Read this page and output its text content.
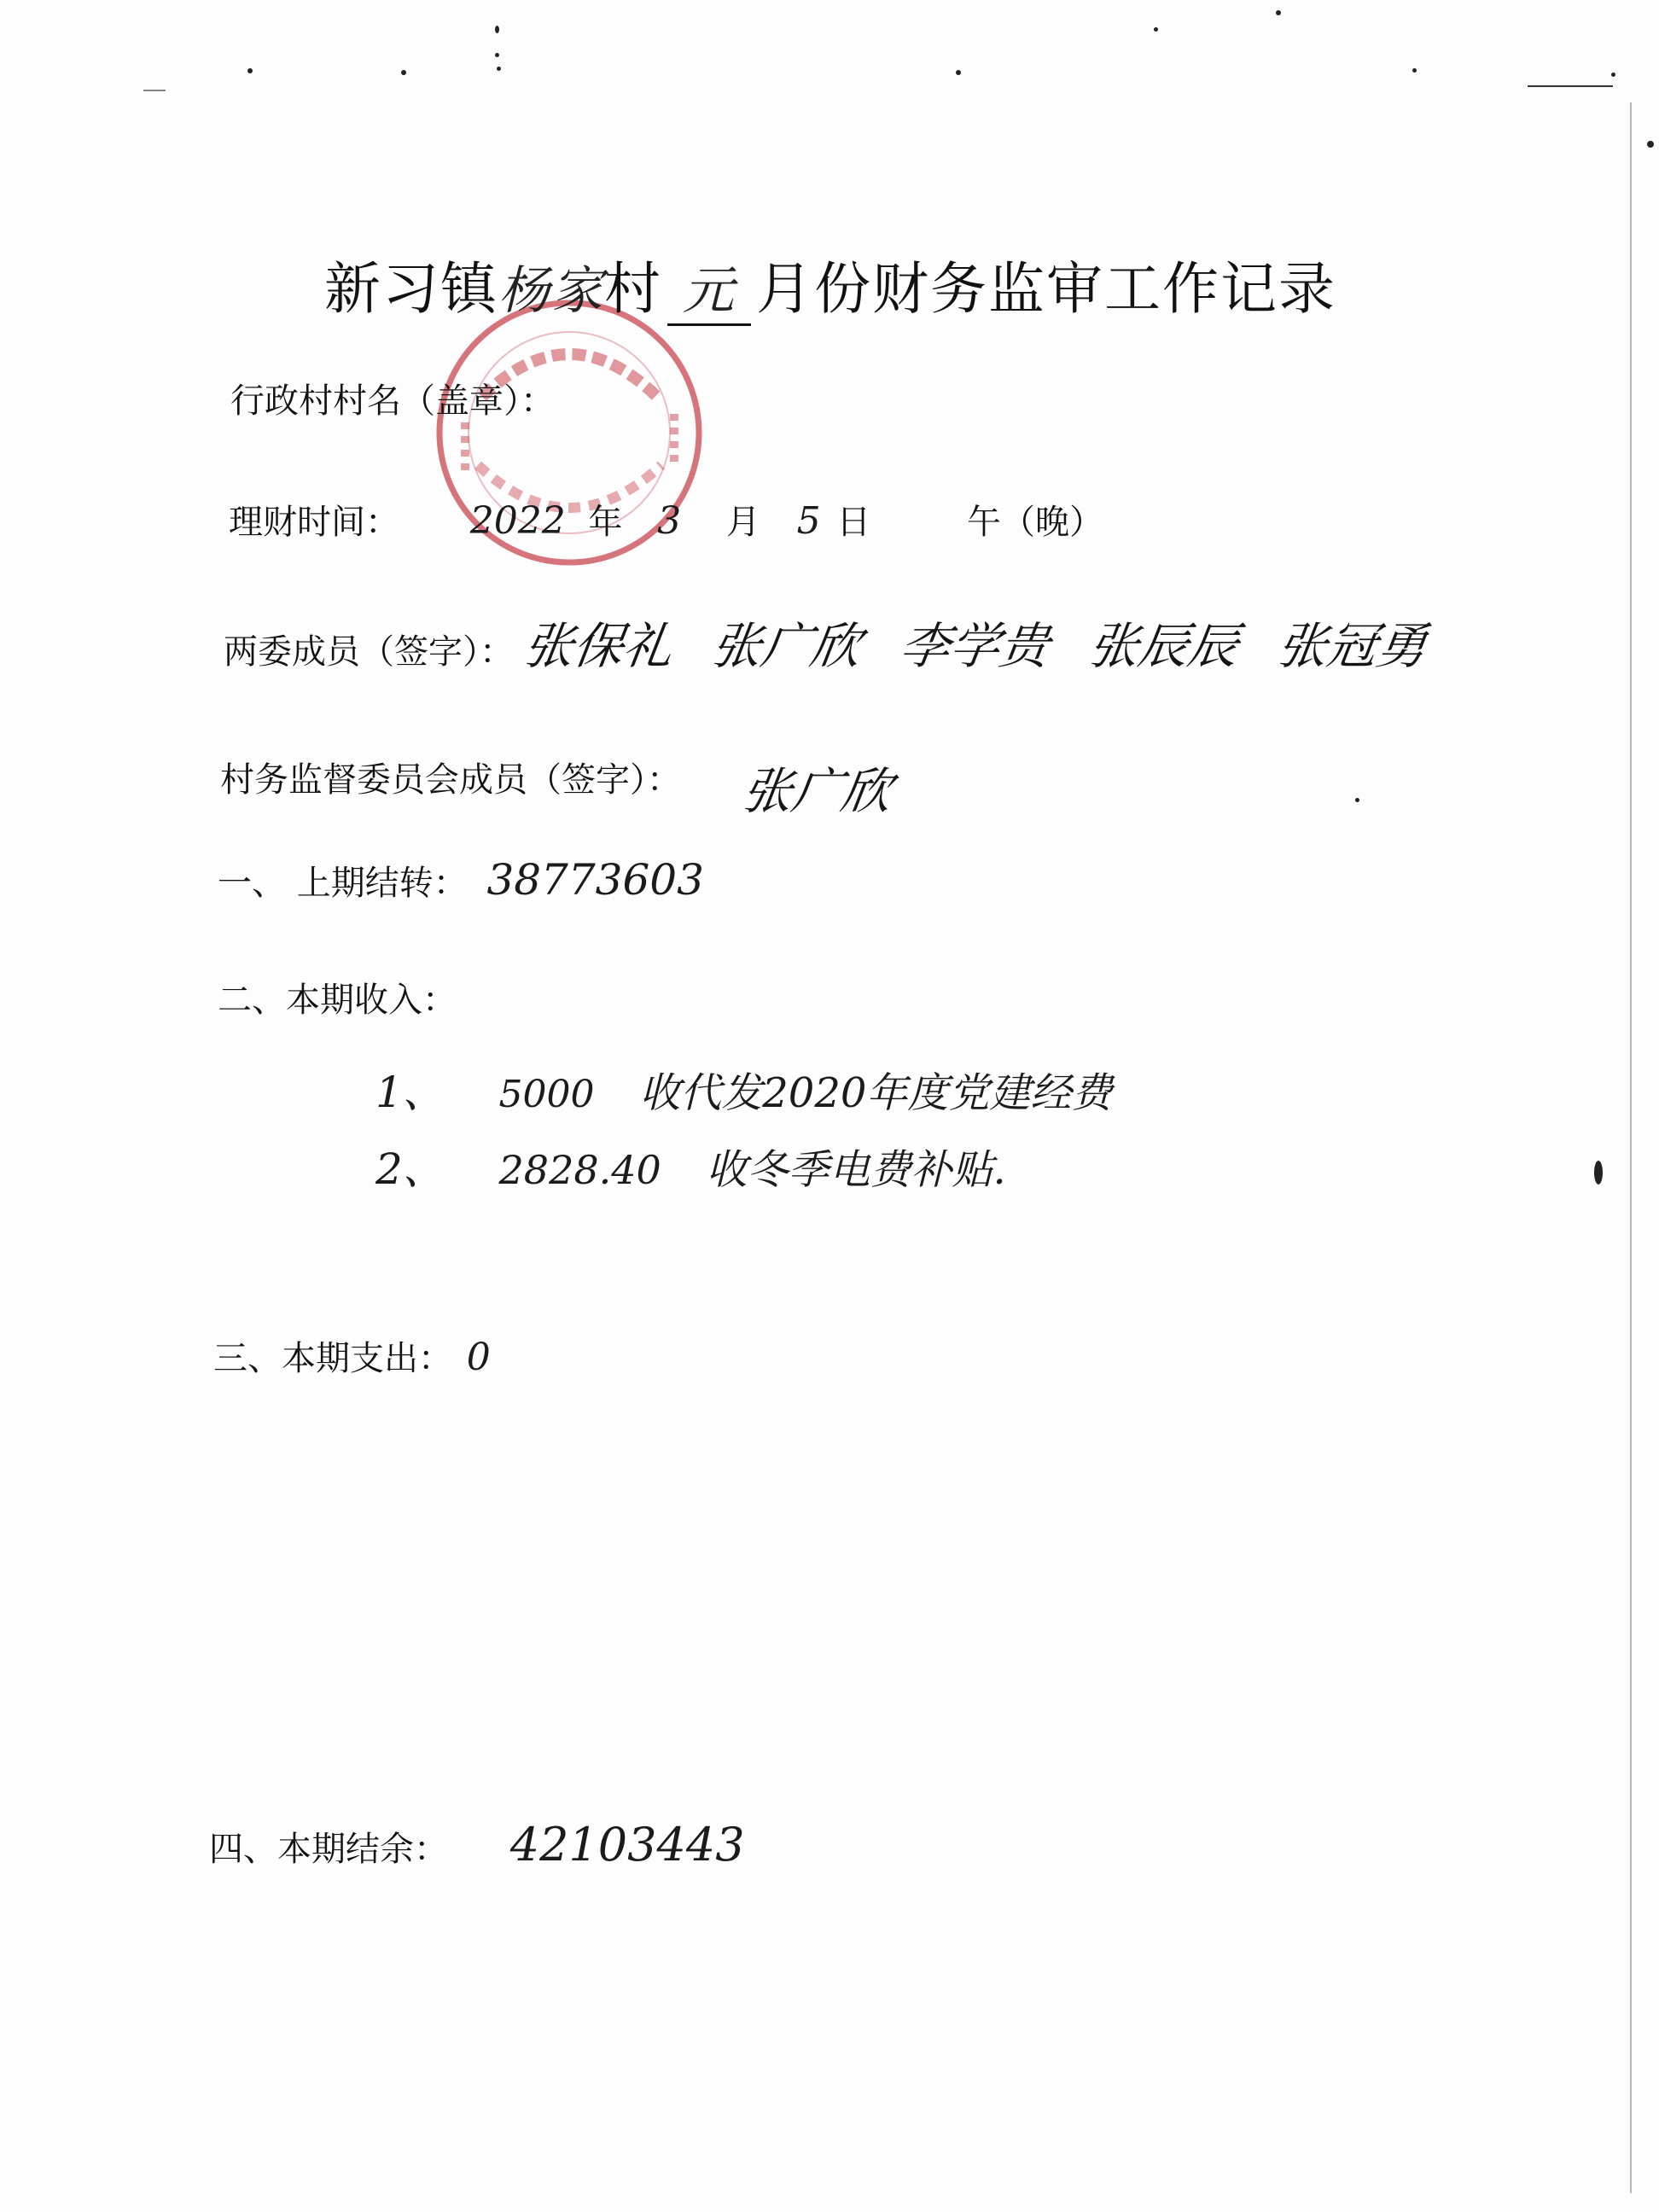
新习镇杨家村 元 月份财务监审工作记录
行政村村名（盖章）：
理财时间： 2022 年 3 月 5 日	午（晚）
两委成员（签字）： 张保礼 张广欣 李学贵 张辰辰 张冠勇
村务监督委员会成员（签字）： 张广欣
一、 上期结转： 38773603
二、本期收入：
1、 5000 收代发2020年度党建经费
2、 2828.40 收冬季电费补贴.
三、本期支出： 0
四、本期结余： 42103443
